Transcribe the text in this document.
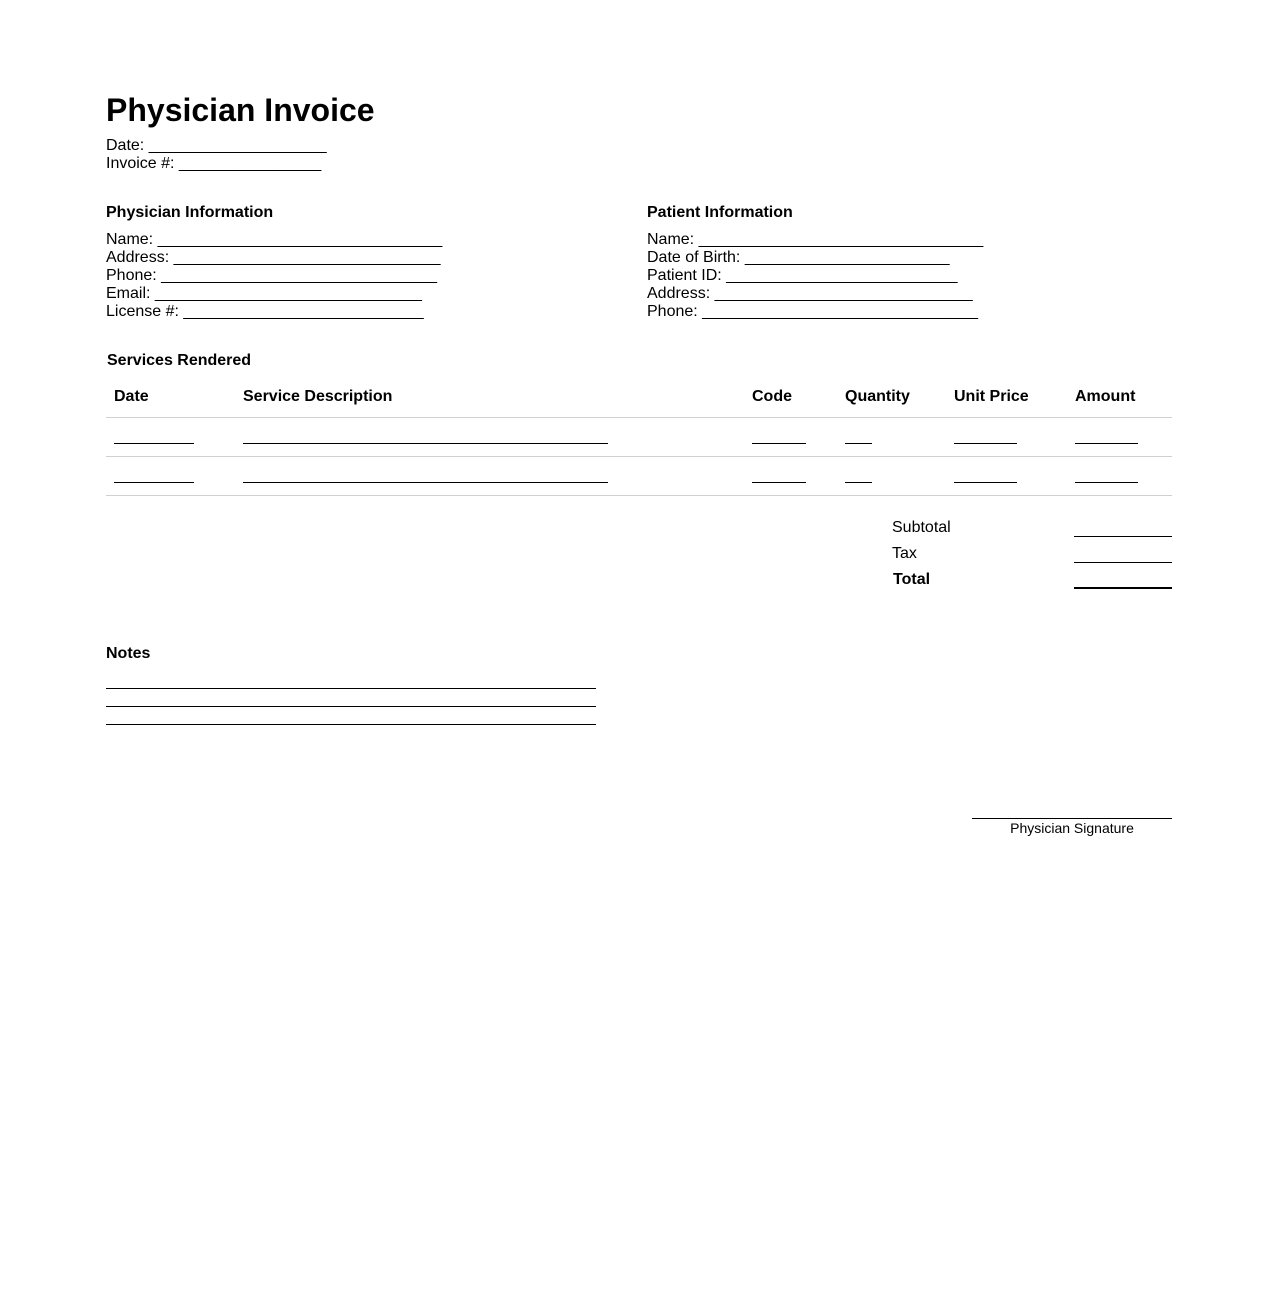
Physician Invoice
Date: ____________________
Invoice #: ________________
Physician Information
Name: ________________________________
Address: ______________________________
Phone: _______________________________
Email: ______________________________
License #: ___________________________
Patient Information
Name: ________________________________
Date of Birth: _______________________
Patient ID: __________________________
Address: _____________________________
Phone: _______________________________
Services Rendered
Date	Service Description	Code	Quantity	Unit Price	Amount
Subtotal
Tax
Total
Notes
Physician Signature
